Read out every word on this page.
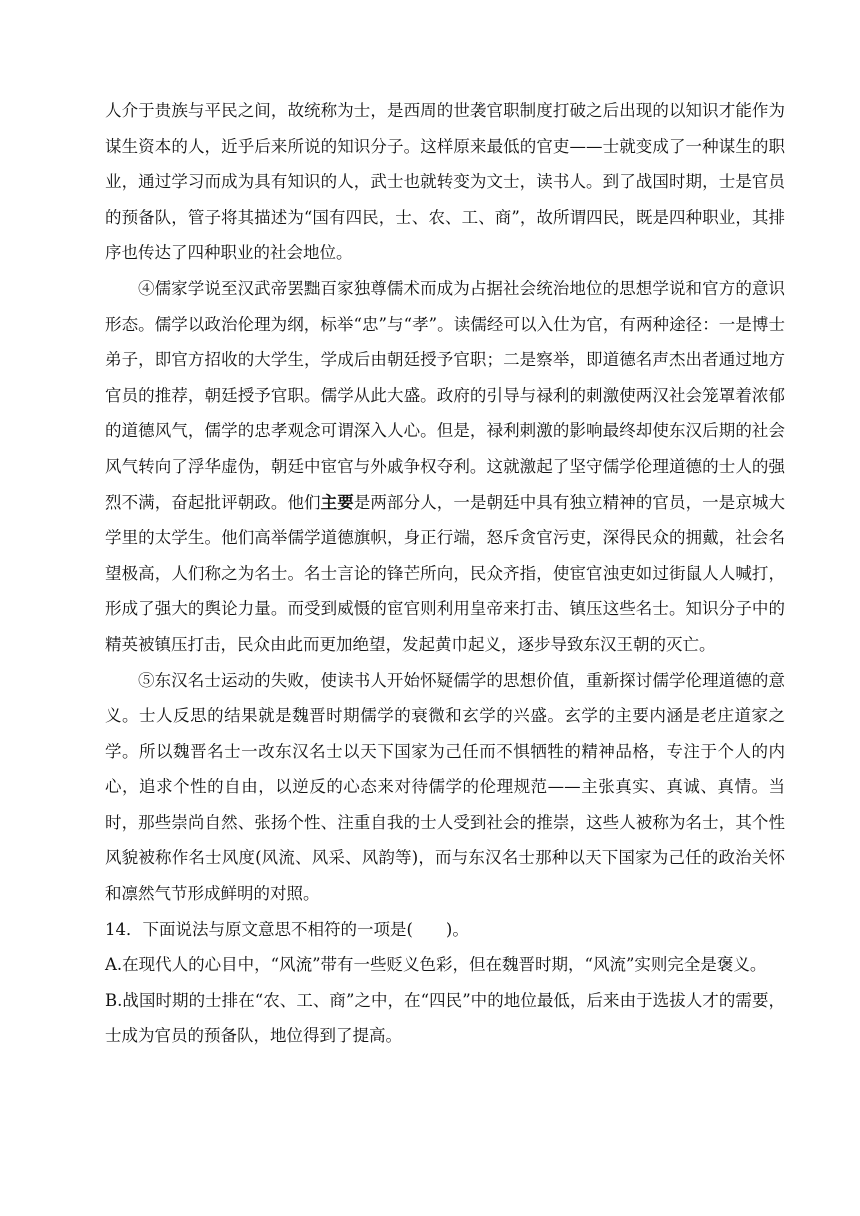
人介于贵族与平民之间，故统称为士，是西周的世袭官职制度打破之后出现的以知识才能作为谋生资本的人，近乎后来所说的知识分子。这样原来最低的官吏——士就变成了一种谋生的职业，通过学习而成为具有知识的人，武士也就转变为文士，读书人。到了战国时期，士是官员的预备队，管子将其描述为“国有四民，士、农、工、商”，故所谓四民，既是四种职业，其排序也传达了四种职业的社会地位。

④儒家学说至汉武帝罢黜百家独尊儒术而成为占据社会统治地位的思想学说和官方的意识形态。儒学以政治伦理为纲，标举“忠”与“孝”。读儒经可以入仕为官，有两种途径：一是博士弟子，即官方招收的大学生，学成后由朝廷授予官职；二是察举，即道德名声杰出者通过地方官员的推荐，朝廷授予官职。儒学从此大盛。政府的引导与禄利的刺激使两汉社会笼罩着浓郁的道德风气，儒学的忠孝观念可谓深入人心。但是，禄利刺激的影响最终却使东汉后期的社会风气转向了浮华虚伪，朝廷中宦官与外戚争权夺利。这就激起了坚守儒学伦理道德的士人的强烈不满，奋起批评朝政。他们主要是两部分人，一是朝廷中具有独立精神的官员，一是京城大学里的太学生。他们高举儒学道德旗帜，身正行端，怒斥贪官污吏，深得民众的拥戴，社会名望极高，人们称之为名士。名士言论的锋芒所向，民众齐指，使宦官浊吏如过街鼠人人喊打，形成了强大的舆论力量。而受到威慑的宦官则利用皇帝来打击、镇压这些名士。知识分子中的精英被镇压打击，民众由此而更加绝望，发起黄巾起义，逐步导致东汉王朝的灭亡。

⑤东汉名士运动的失败，使读书人开始怀疑儒学的思想价值，重新探讨儒学伦理道德的意义。士人反思的结果就是魏晋时期儒学的衰微和玄学的兴盛。玄学的主要内涵是老庄道家之学。所以魏晋名士一改东汉名士以天下国家为己任而不惧牺牲的精神品格，专注于个人的内心，追求个性的自由，以逆反的心态来对待儒学的伦理规范——主张真实、真诚、真情。当时，那些崇尚自然、张扬个性、注重自我的士人受到社会的推崇，这些人被称为名士，其个性风貌被称作名士风度(风流、风采、风韵等)，而与东汉名士那种以天下国家为己任的政治关怀和凛然气节形成鲜明的对照。

14．下面说法与原文意思不相符的一项是(　　)。

A.在现代人的心目中，“风流”带有一些贬义色彩，但在魏晋时期，“风流”实则完全是褒义。

B.战国时期的士排在“农、工、商”之中，在“四民”中的地位最低，后来由于选拔人才的需要，士成为官员的预备队，地位得到了提高。
